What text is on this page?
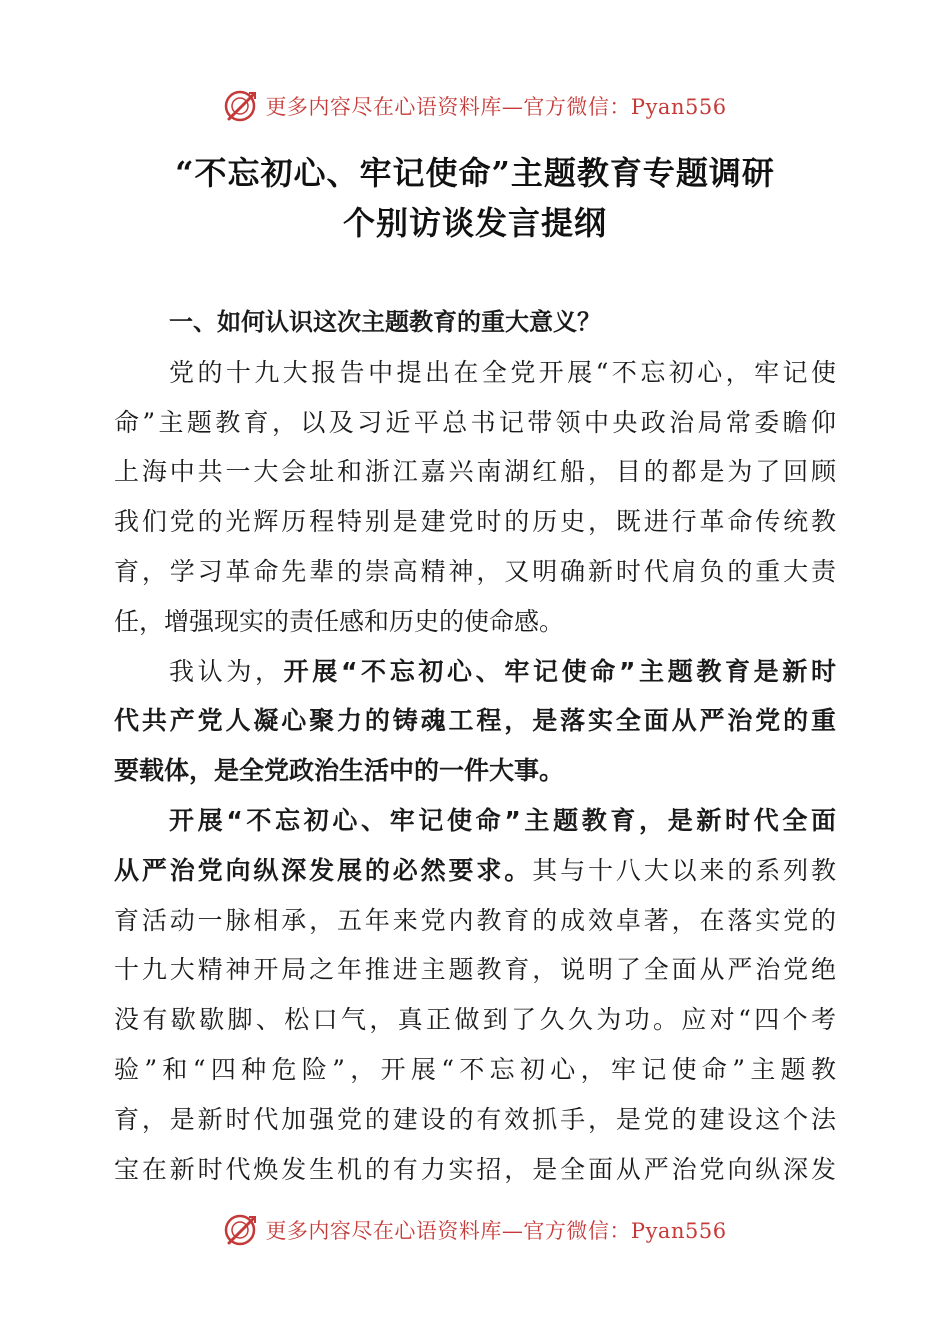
更多内容尽在心语资料库—官方微信：Pyan556
“不忘初心、牢记使命”主题教育专题调研
个别访谈发言提纲
一、如何认识这次主题教育的重大意义？
党的十九大报告中提出在全党开展“不忘初心，牢记使
命”主题教育，以及习近平总书记带领中央政治局常委瞻仰
上海中共一大会址和浙江嘉兴南湖红船，目的都是为了回顾
我们党的光辉历程特别是建党时的历史，既进行革命传统教
育，学习革命先辈的崇高精神，又明确新时代肩负的重大责
任，增强现实的责任感和历史的使命感。
我认为，开展“不忘初心、牢记使命”主题教育是新时
代共产党人凝心聚力的铸魂工程，是落实全面从严治党的重
要载体，是全党政治生活中的一件大事。
开展“不忘初心、牢记使命”主题教育，是新时代全面
从严治党向纵深发展的必然要求。其与十八大以来的系列教
育活动一脉相承，五年来党内教育的成效卓著，在落实党的
十九大精神开局之年推进主题教育，说明了全面从严治党绝
没有歇歇脚、松口气，真正做到了久久为功。应对“四个考
验”和“四种危险”，开展“不忘初心，牢记使命”主题教
育，是新时代加强党的建设的有效抓手，是党的建设这个法
宝在新时代焕发生机的有力实招，是全面从严治党向纵深发
更多内容尽在心语资料库—官方微信：Pyan556
